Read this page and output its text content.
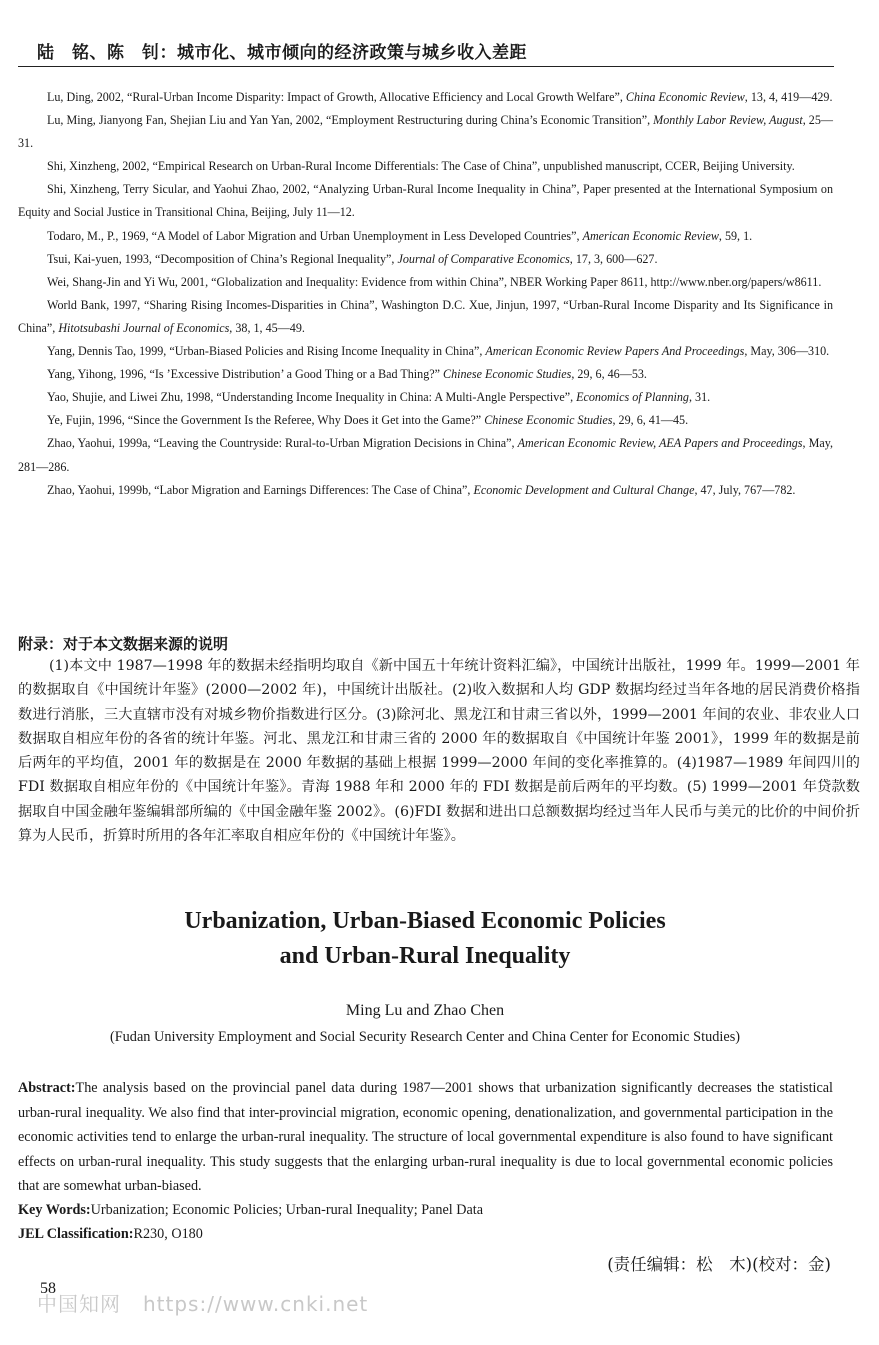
陆　铭、陈　钊：城市化、城市倾向的经济政策与城乡收入差距

Lu, Ding, 2002, “Rural-Urban Income Disparity: Impact of Growth, Allocative Efficiency and Local Growth Welfare”, China Economic Review, 13, 4, 419—429.

Lu, Ming, Jianyong Fan, Shejian Liu and Yan Yan, 2002, “Employment Restructuring during China’s Economic Transition”, Monthly Labor Review, August, 25—31.

Shi, Xinzheng, 2002, “Empirical Research on Urban-Rural Income Differentials: The Case of China”, unpublished manuscript, CCER, Beijing University.

Shi, Xinzheng, Terry Sicular, and Yaohui Zhao, 2002, “Analyzing Urban-Rural Income Inequality in China”, Paper presented at the International Symposium on Equity and Social Justice in Transitional China, Beijing, July 11—12.

Todaro, M., P., 1969, “A Model of Labor Migration and Urban Unemployment in Less Developed Countries”, American Economic Review, 59, 1.

Tsui, Kai-yuen, 1993, “Decomposition of China’s Regional Inequality”, Journal of Comparative Economics, 17, 3, 600—627.

Wei, Shang-Jin and Yi Wu, 2001, “Globalization and Inequality: Evidence from within China”, NBER Working Paper 8611, http://www.nber.org/papers/w8611.

World Bank, 1997, “Sharing Rising Incomes-Disparities in China”, Washington D.C. Xue, Jinjun, 1997, “Urban-Rural Income Disparity and Its Significance in China”, Hitotsubashi Journal of Economics, 38, 1, 45—49.

Yang, Dennis Tao, 1999, “Urban-Biased Policies and Rising Income Inequality in China”, American Economic Review Papers And Proceedings, May, 306—310.

Yang, Yihong, 1996, “Is ’Excessive Distribution’ a Good Thing or a Bad Thing?” Chinese Economic Studies, 29, 6, 46—53.

Yao, Shujie, and Liwei Zhu, 1998, “Understanding Income Inequality in China: A Multi-Angle Perspective”, Economics of Planning, 31.

Ye, Fujin, 1996, “Since the Government Is the Referee, Why Does it Get into the Game?” Chinese Economic Studies, 29, 6, 41—45.

Zhao, Yaohui, 1999a, “Leaving the Countryside: Rural-to-Urban Migration Decisions in China”, American Economic Review, AEA Papers and Proceedings, May, 281—286.

Zhao, Yaohui, 1999b, “Labor Migration and Earnings Differences: The Case of China”, Economic Development and Cultural Change, 47, July, 767—782.

附录：对于本文数据来源的说明

(1)本文中 1987—1998 年的数据未经指明均取自《新中国五十年统计资料汇编》，中国统计出版社，1999 年。1999—2001 年的数据取自《中国统计年鉴》(2000—2002 年)，中国统计出版社。(2)收入数据和人均 GDP 数据均经过当年各地的居民消费价格指数进行消胀，三大直辖市没有对城乡物价指数进行区分。(3)除河北、黑龙江和甘肃三省以外，1999—2001 年间的农业、非农业人口数据取自相应年份的各省的统计年鉴。河北、黑龙江和甘肃三省的 2000 年的数据取自《中国统计年鉴 2001》，1999 年的数据是前后两年的平均值，2001 年的数据是在 2000 年数据的基础上根据 1999—2000 年间的变化率推算的。(4)1987—1989 年间四川的 FDI 数据取自相应年份的《中国统计年鉴》。青海 1988 年和 2000 年的 FDI 数据是前后两年的平均数。(5) 1999—2001 年贷款数据取自中国金融年鉴编辑部所编的《中国金融年鉴 2002》。(6)FDI 数据和进出口总额数据均经过当年人民币与美元的比价的中间价折算为人民币，折算时所用的各年汇率取自相应年份的《中国统计年鉴》。

Urbanization, Urban-Biased Economic Policies
and Urban-Rural Inequality
Ming Lu and Zhao Chen
(Fudan University Employment and Social Security Research Center and China Center for Economic Studies)

Abstract:The analysis based on the provincial panel data during 1987—2001 shows that urbanization significantly decreases the statistical urban-rural inequality. We also find that inter-provincial migration, economic opening, denationalization, and governmental participation in the economic activities tend to enlarge the urban-rural inequality. The structure of local governmental expenditure is also found to have significant effects on urban-rural inequality. This study suggests that the enlarging urban-rural inequality is due to local governmental economic policies that are somewhat urban-biased.

Key Words:Urbanization; Economic Policies; Urban-rural Inequality; Panel Data
JEL Classification:R230, O180
(责任编辑：松　木)(校对：金)
58
中国知网 https://www.cnki.net
